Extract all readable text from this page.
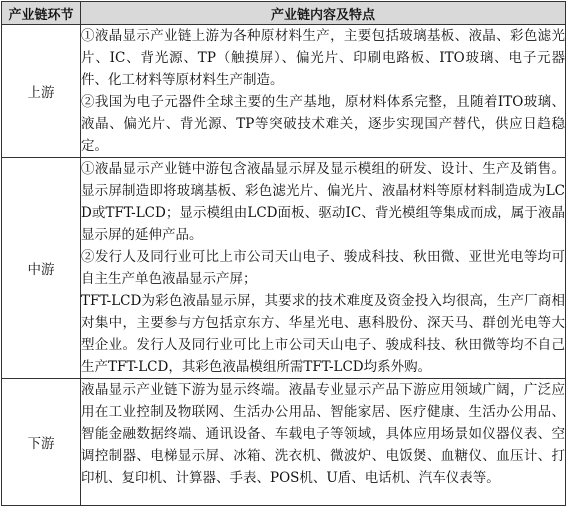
产业链环节	产业链内容及特点
上游	①液晶显示产业链上游为各种原材料生产，主要包括玻璃基板、液晶、彩色滤光片、IC、背光源、TP（触摸屏）、偏光片、印刷电路板、ITO玻璃、电子元器件、化工材料等原材料生产制造。
②我国为电子元器件全球主要的生产基地，原材料体系完整，且随着ITO玻璃、液晶、偏光片、背光源、TP等突破技术难关，逐步实现国产替代，供应日趋稳定。

中游	①液晶显示产业链中游包含液晶显示屏及显示模组的研发、设计、生产及销售。显示屏制造即将玻璃基板、彩色滤光片、偏光片、液晶材料等原材料制造成为LCD或TFT-LCD；显示模组由LCD面板、驱动IC、背光模组等集成而成，属于液晶显示屏的延伸产品。
②发行人及同行业可比上市公司天山电子、骏成科技、秋田微、亚世光电等均可自主生产单色液晶显示产屏；
TFT-LCD为彩色液晶显示屏，其要求的技术难度及资金投入均很高，生产厂商相对集中，主要参与方包括京东方、华星光电、惠科股份、深天马、群创光电等大型企业。发行人及同行业可比上市公司天山电子、骏成科技、秋田微等均不自己生产TFT-LCD，其彩色液晶模组所需TFT-LCD均系外购。

下游	液晶显示产业链下游为显示终端。液晶专业显示产品下游应用领域广阔，广泛应用在工业控制及物联网、生活办公用品、智能家居、医疗健康、生活办公用品、智能金融数据终端、通讯设备、车载电子等领域，具体应用场景如仪器仪表、空调控制器、电梯显示屏、冰箱、洗衣机、微波炉、电饭煲、血糖仪、血压计、打印机、复印机、计算器、手表、POS机、U盾、电话机、汽车仪表等。
